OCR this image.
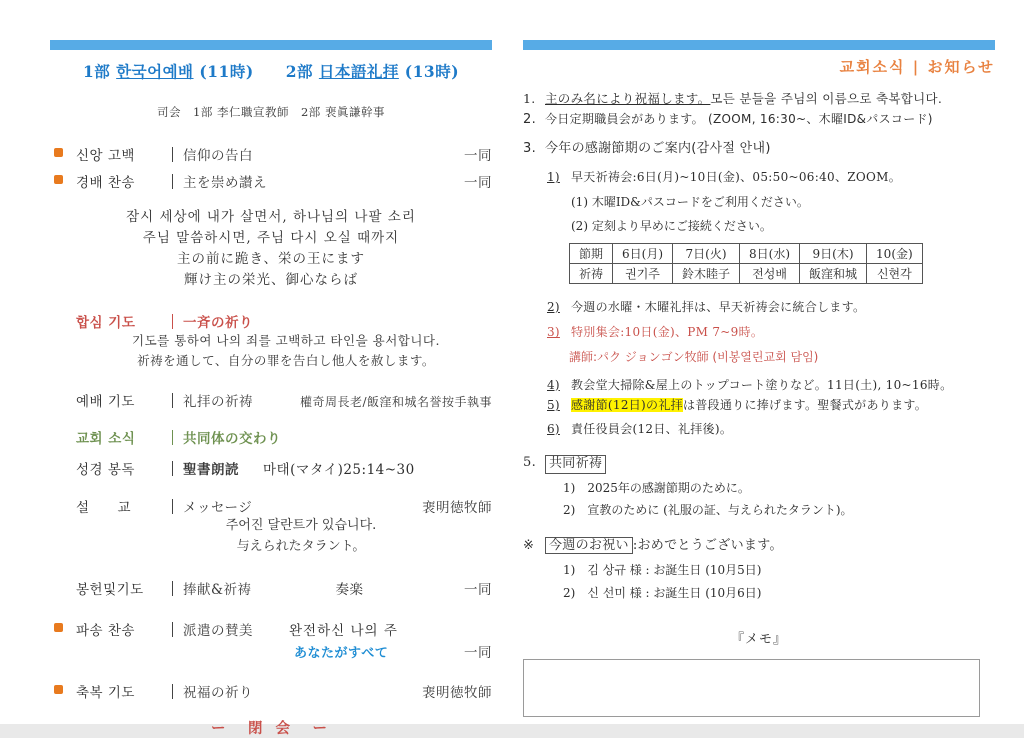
1部 한국어예배 (11時)　　 2部 日本語礼拝 (13時)
司会　1部 李仁職宣教師　2部 裵眞謙幹事
신앙 고백	信仰の告白	一同
경배 찬송	主を崇め讃え	一同
잠시 세상에 내가 살면서, 하나님의 나팔 소리
주님 말씀하시면, 주님 다시 오실 때까지
主の前に跪き、栄の王にます
輝け主の栄光、御心ならば
합심 기도	一斉の祈り
기도를 통하여 나의 죄를 고백하고 타인을 용서합니다.
祈祷を通して、自分の罪を告白し他人を赦します。
예배 기도	礼拝の祈祷	權奇周長老/飯窪和城名誉按手執事
교회 소식	共同体の交わり
성경 봉독	聖書朗読 마태(マタイ)25:14~30
설　　교	メッセージ	裵明徳牧師
주어진 달란트가 있습니다.
与えられたタラント。
봉헌및기도	捧献&祈祷	奏楽	一同
파송 찬송	派遣の賛美	완전하신 나의 주
あなたがすべて	一同
축복 기도	祝福の祈り	裵明徳牧師
ー　閉 会　ー
교회소식 | お知らせ
1. 主のみ名により祝福します。모든 분들을 주님의 이름으로 축복합니다.
2. 今日定期職員会があります。 (ZOOM, 16:30~、木曜ID&パスコード)
3. 今年の感謝節期のご案内(감사절 안내)
1) 早天祈祷会:6日(月)~10日(金)、05:50~06:40、ZOOM。
(1) 木曜ID&パスコードをご利用ください。
(2) 定刻より早めにご接続ください。
節期	6日(月)	7日(火)	8日(水)	9日(木)	10(金)
祈祷	권기주	鈴木睦子	전성배	飯窪和城	신현각
2) 今週の水曜・木曜礼拝は、早天祈祷会に統合します。
3) 特別集会:10日(金)、PM 7~9時。
講師:パク ジョンゴン牧師 (비봉열린교회 담임)
4) 教会堂大掃除&屋上のトップコート塗りなど。11日(土), 10~16時。
5) 感謝節(12日)の礼拝は普段通りに捧げます。聖餐式があります。
6) 責任役員会(12日、礼拝後)。
5. 共同祈祷
1)　2025年の感謝節期のために。
2)　宣教のために (礼服の証、与えられたタラント)。
※	今週のお祝い :おめでとうございます。
1)　김 상규 様 : お誕生日 (10月5日)
2)　신 선미 様 : お誕生日 (10月6日)
『メモ』
